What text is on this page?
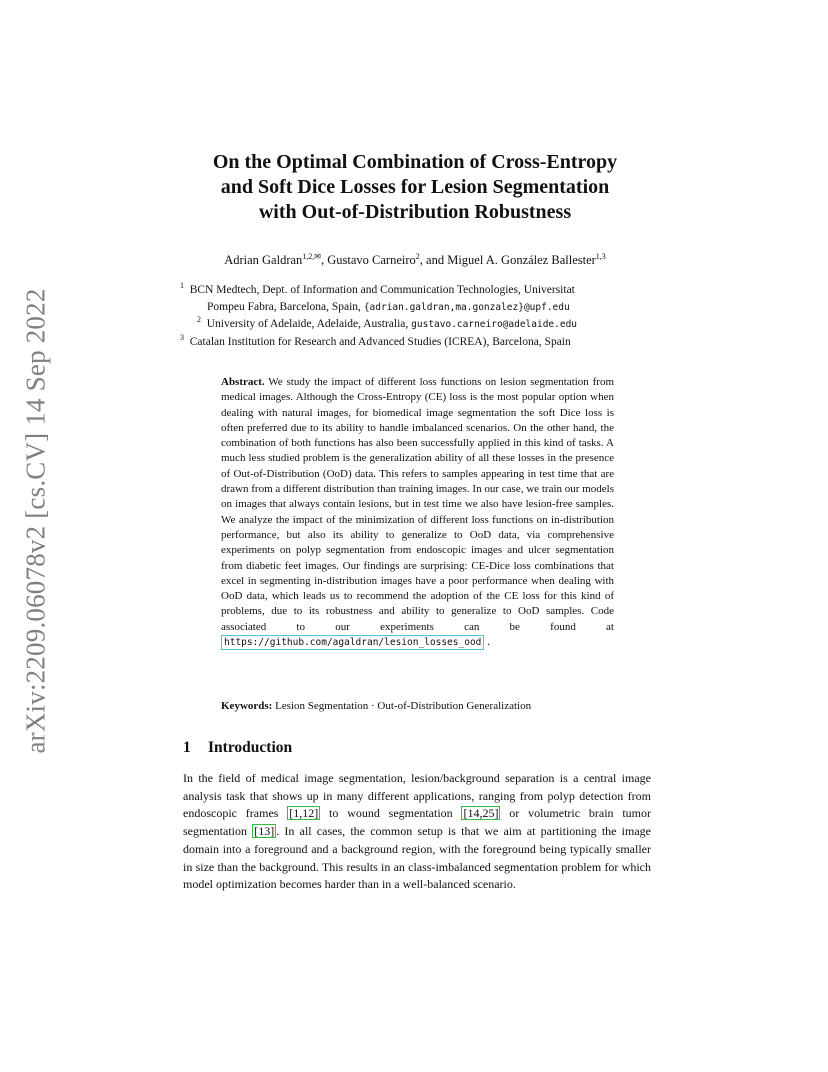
arXiv:2209.06078v2 [cs.CV] 14 Sep 2022
On the Optimal Combination of Cross-Entropy
and Soft Dice Losses for Lesion Segmentation
with Out-of-Distribution Robustness
Adrian Galdran$^{1,2,✉}$, Gustavo Carneiro$^2$, and Miguel A. González Ballester$^{1,3}$
$^1$ BCN Medtech, Dept. of Information and Communication Technologies, Universitat
Pompeu Fabra, Barcelona, Spain, {adrian.galdran,ma.gonzalez}@upf.edu
$^2$ University of Adelaide, Adelaide, Australia, gustavo.carneiro@adelaide.edu
$^3$ Catalan Institution for Research and Advanced Studies (ICREA), Barcelona, Spain
Abstract. We study the impact of different loss functions on lesion segmentation from medical images. Although the Cross-Entropy (CE) loss is the most popular option when dealing with natural images, for biomedical image segmentation the soft Dice loss is often preferred due to its ability to handle imbalanced scenarios. On the other hand, the combination of both functions has also been successfully applied in this kind of tasks. A much less studied problem is the generalization ability of all these losses in the presence of Out-of-Distribution (OoD) data. This refers to samples appearing in test time that are drawn from a different distribution than training images. In our case, we train our models on images that always contain lesions, but in test time we also have lesion-free samples. We analyze the impact of the minimization of different loss functions on in-distribution performance, but also its ability to generalize to OoD data, via comprehensive experiments on polyp segmentation from endoscopic images and ulcer segmentation from diabetic feet images. Our findings are surprising: CE-Dice loss combinations that excel in segmenting in-distribution images have a poor performance when dealing with OoD data, which leads us to recommend the adoption of the CE loss for this kind of problems, due to its robustness and ability to generalize to OoD samples. Code associated to our experiments can be found at https://github.com/agaldran/lesion_losses_ood .
Keywords: Lesion Segmentation · Out-of-Distribution Generalization
1 Introduction
In the field of medical image segmentation, lesion/background separation is a central image analysis task that shows up in many different applications, ranging from polyp detection from endoscopic frames [1,12] to wound segmentation [14,25] or volumetric brain tumor segmentation [13] . In all cases, the common setup is that we aim at partitioning the image domain into a foreground and a background region, with the foreground being typically smaller in size than the background. This results in an class-imbalanced segmentation problem for which model optimization becomes harder than in a well-balanced scenario.
